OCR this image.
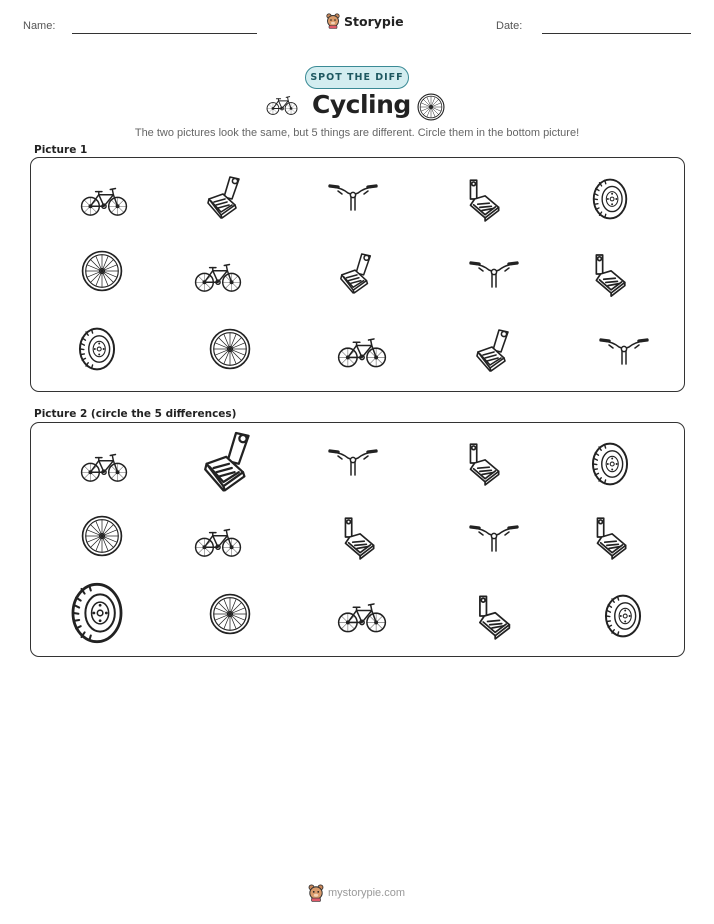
Name:	Storypie	Date:
SPOT THE DIFF
Cycling
The two pictures look the same, but 5 things are different. Circle them in the bottom picture!
Picture 1
Picture 2 (circle the 5 differences)
mystorypie.com
